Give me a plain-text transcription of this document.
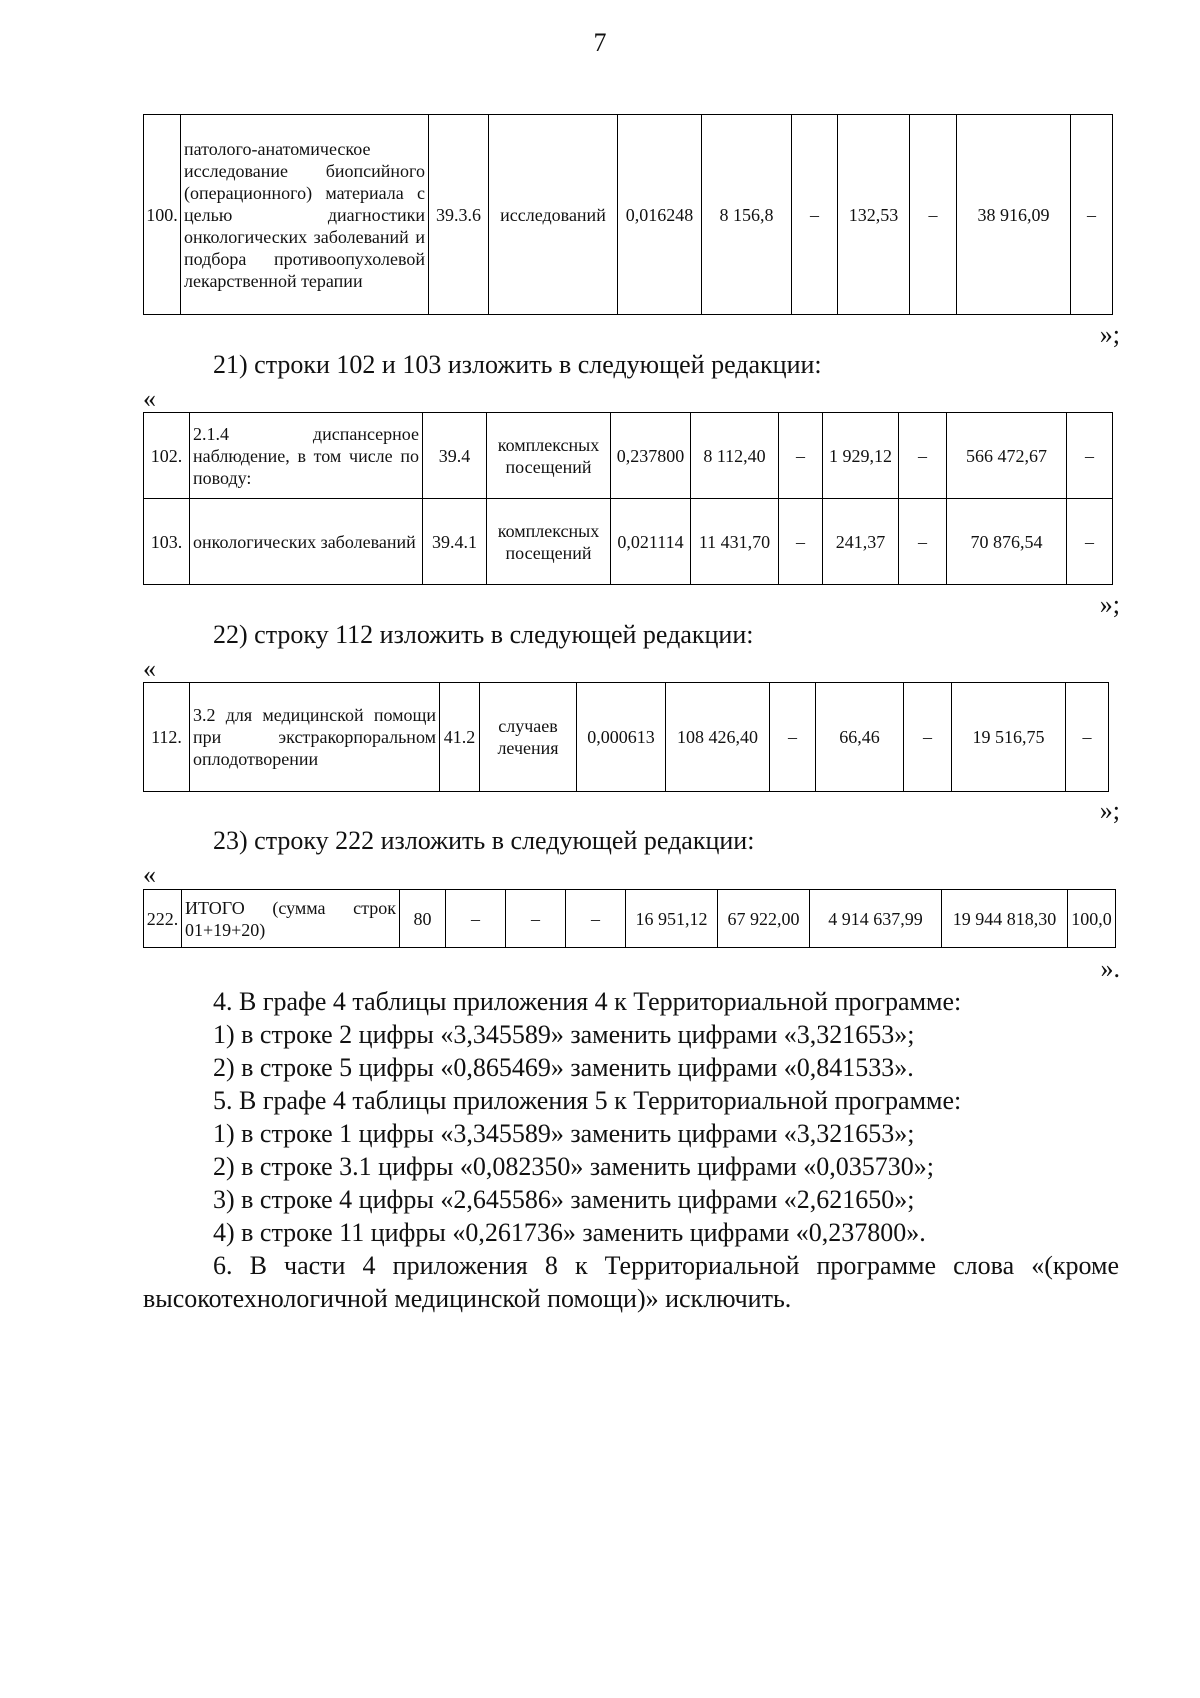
7
100.	патолого-анатомическое исследование биопсийного (операционного) материала с целью диагностики онкологических заболеваний и подбора противоопухолевой лекарственной терапии	39.3.6	исследований	0,016248	8 156,8	–	132,53	–	38 916,09	–
»;
21) строки 102 и 103 изложить в следующей редакции:
«
102.	2.1.4 диспансерное наблюдение, в том числе по поводу:	39.4	комплексных посещений	0,237800	8 112,40	–	1 929,12	–	566 472,67	–
103.	онкологических заболеваний	39.4.1	комплексных посещений	0,021114	11 431,70	–	241,37	–	70 876,54	–
»;
22) строку 112 изложить в следующей редакции:
«
112.	3.2 для медицинской помощи при экстракорпоральном оплодотворении	41.2	случаев лечения	0,000613	108 426,40	–	66,46	–	19 516,75	–
»;
23) строку 222 изложить в следующей редакции:
«
222.	ИТОГО (сумма строк 01+19+20)	80	–	–	–	16 951,12	67 922,00	4 914 637,99	19 944 818,30	100,0
».

4. В графе 4 таблицы приложения 4 к Территориальной программе:

1) в строке 2 цифры «3,345589» заменить цифрами «3,321653»;

2) в строке 5 цифры «0,865469» заменить цифрами «0,841533».

5. В графе 4 таблицы приложения 5 к Территориальной программе:

1) в строке 1 цифры «3,345589» заменить цифрами «3,321653»;

2) в строке 3.1 цифры «0,082350» заменить цифрами «0,035730»;

3) в строке 4 цифры «2,645586» заменить цифрами «2,621650»;

4) в строке 11 цифры «0,261736» заменить цифрами «0,237800».

6. В части 4 приложения 8 к Территориальной программе слова «(кроме высокотехнологичной медицинской помощи)» исключить.
